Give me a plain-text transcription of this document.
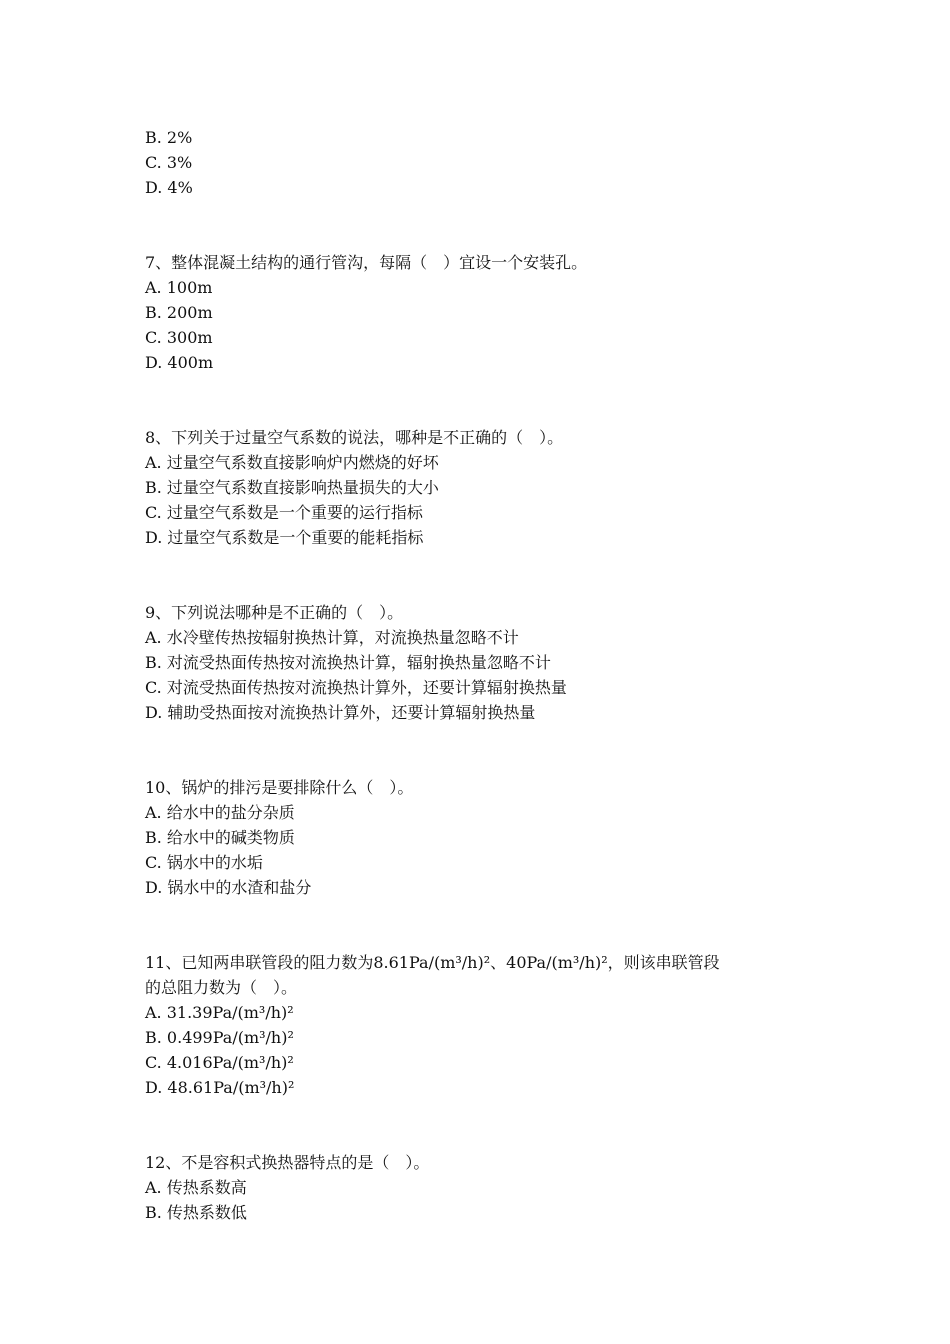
B. 2%
C. 3%
D. 4%
7、整体混凝土结构的通行管沟，每隔（　）宜设一个安装孔。
A. 100m
B. 200m
C. 300m
D. 400m
8、下列关于过量空气系数的说法，哪种是不正确的（　）。
A. 过量空气系数直接影响炉内燃烧的好坏
B. 过量空气系数直接影响热量损失的大小
C. 过量空气系数是一个重要的运行指标
D. 过量空气系数是一个重要的能耗指标
9、下列说法哪种是不正确的（　）。
A. 水冷壁传热按辐射换热计算，对流换热量忽略不计
B. 对流受热面传热按对流换热计算，辐射换热量忽略不计
C. 对流受热面传热按对流换热计算外，还要计算辐射换热量
D. 辅助受热面按对流换热计算外，还要计算辐射换热量
10、锅炉的排污是要排除什么（　）。
A. 给水中的盐分杂质
B. 给水中的碱类物质
C. 锅水中的水垢
D. 锅水中的水渣和盐分
11、已知两串联管段的阻力数为8.61Pa/(m³/h)²、40Pa/(m³/h)²，则该串联管段
的总阻力数为（　）。
A. 31.39Pa/(m³/h)²
B. 0.499Pa/(m³/h)²
C. 4.016Pa/(m³/h)²
D. 48.61Pa/(m³/h)²
12、不是容积式换热器特点的是（　）。
A. 传热系数高
B. 传热系数低
